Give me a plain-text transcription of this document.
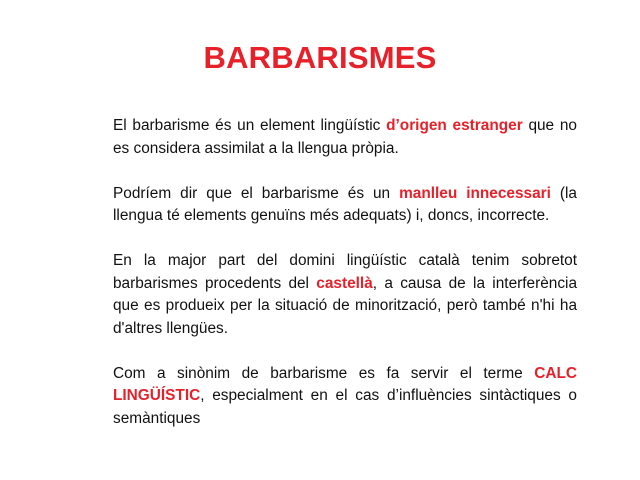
BARBARISMES

El barbarisme és un element lingüístic d’origen estranger que no es considera assimilat a la llengua pròpia.

Podríem dir que el barbarisme és un manlleu innecessari (la llengua té elements genuïns més adequats) i, doncs, incorrecte.

En la major part del domini lingüístic català tenim sobretot barbarismes procedents del castellà, a causa de la interferència que es produeix per la situació de minorització, però també n'hi ha d'altres llengües.

Com a sinònim de barbarisme es fa servir el terme CALC LINGÜÍSTIC, especialment en el cas d’influències sintàctiques o semàntiques
